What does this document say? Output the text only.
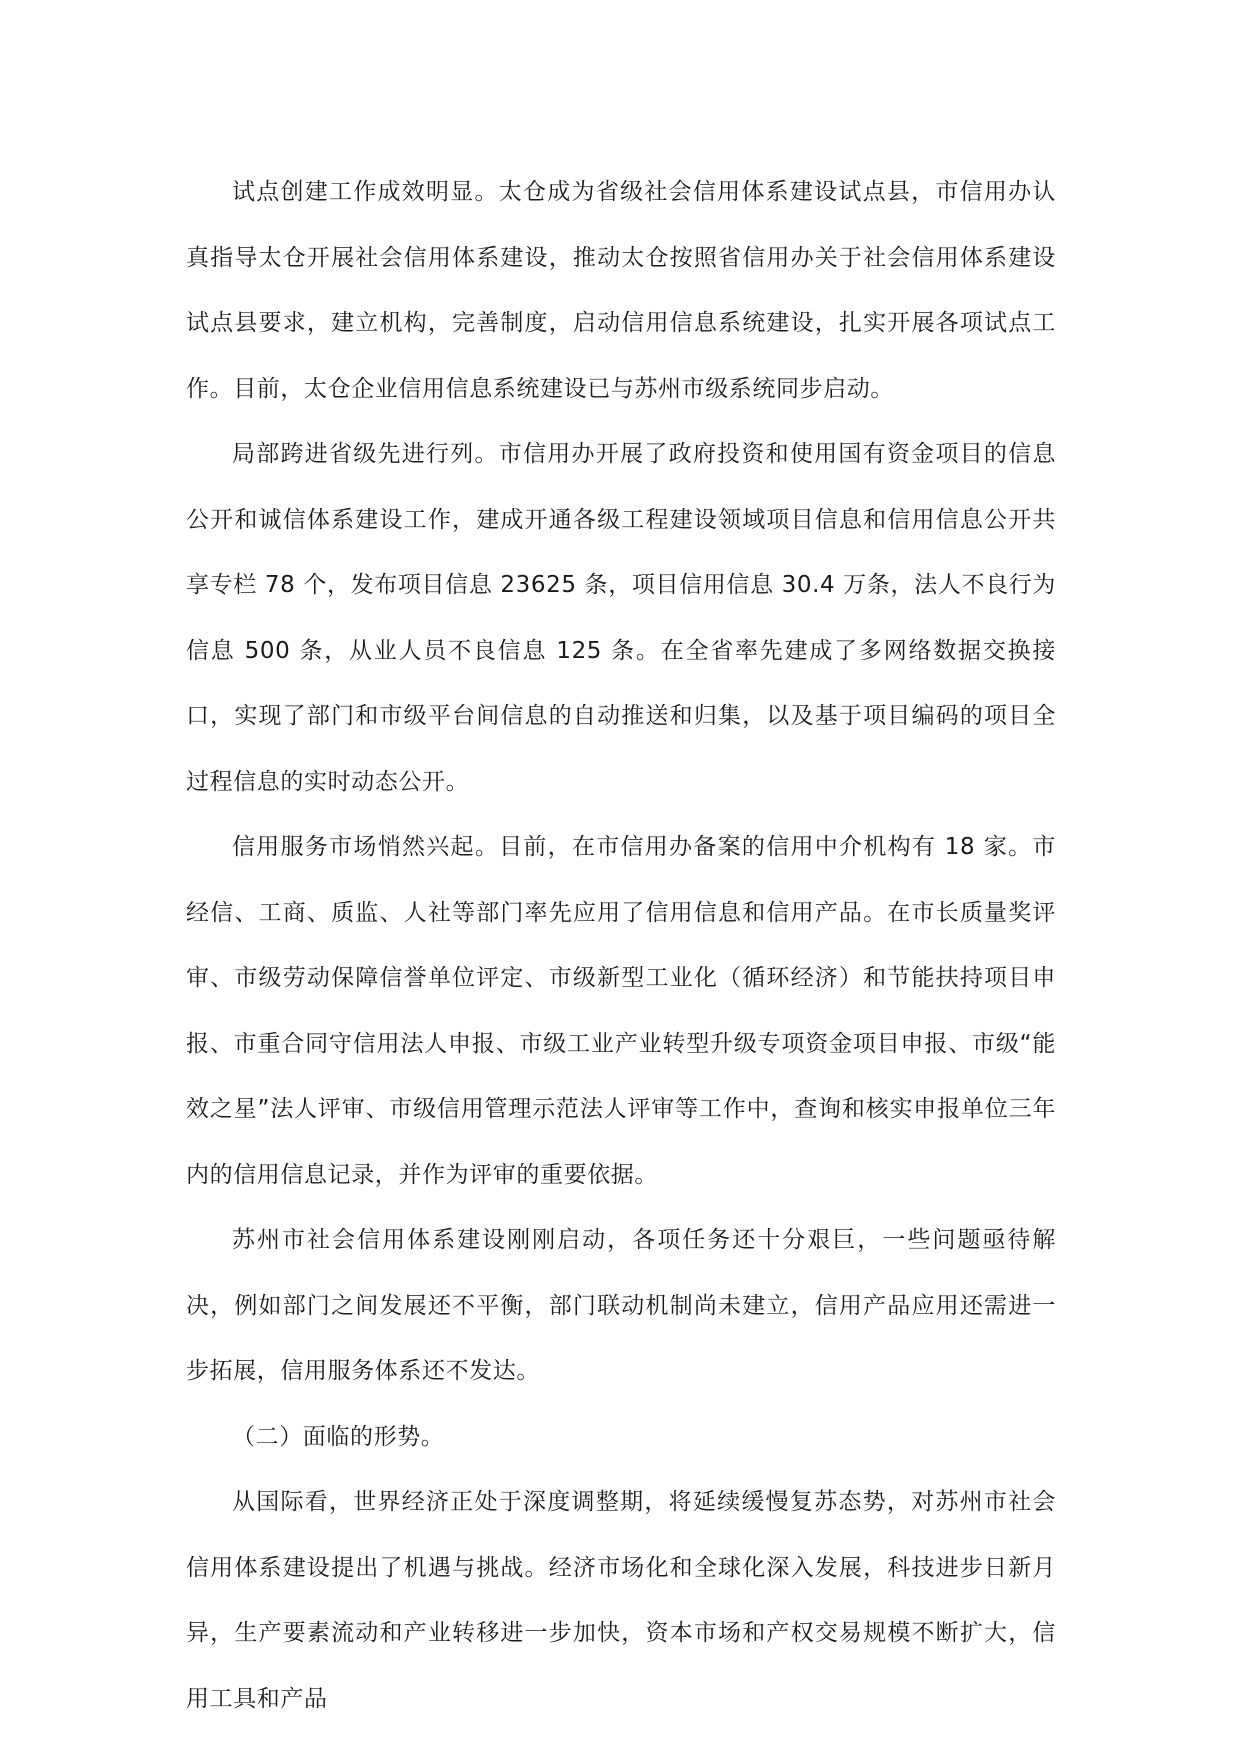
试点创建工作成效明显。太仓成为省级社会信用体系建设试点县，市信用办认真指导太仓开展社会信用体系建设，推动太仓按照省信用办关于社会信用体系建设试点县要求，建立机构，完善制度，启动信用信息系统建设，扎实开展各项试点工作。目前，太仓企业信用信息系统建设已与苏州市级系统同步启动。

局部跨进省级先进行列。市信用办开展了政府投资和使用国有资金项目的信息公开和诚信体系建设工作，建成开通各级工程建设领域项目信息和信用信息公开共享专栏 78 个，发布项目信息 23625 条，项目信用信息 30.4 万条，法人不良行为信息 500 条，从业人员不良信息 125 条。在全省率先建成了多网络数据交换接口，实现了部门和市级平台间信息的自动推送和归集，以及基于项目编码的项目全过程信息的实时动态公开。

信用服务市场悄然兴起。目前，在市信用办备案的信用中介机构有 18 家。市经信、工商、质监、人社等部门率先应用了信用信息和信用产品。在市长质量奖评审、市级劳动保障信誉单位评定、市级新型工业化（循环经济）和节能扶持项目申报、市重合同守信用法人申报、市级工业产业转型升级专项资金项目申报、市级“能效之星”法人评审、市级信用管理示范法人评审等工作中，查询和核实申报单位三年内的信用信息记录，并作为评审的重要依据。

苏州市社会信用体系建设刚刚启动，各项任务还十分艰巨，一些问题亟待解决，例如部门之间发展还不平衡，部门联动机制尚未建立，信用产品应用还需进一步拓展，信用服务体系还不发达。

（二）面临的形势。

从国际看，世界经济正处于深度调整期，将延续缓慢复苏态势，对苏州市社会信用体系建设提出了机遇与挑战。经济市场化和全球化深入发展，科技进步日新月异，生产要素流动和产业转移进一步加快，资本市场和产权交易规模不断扩大，信用工具和产品
